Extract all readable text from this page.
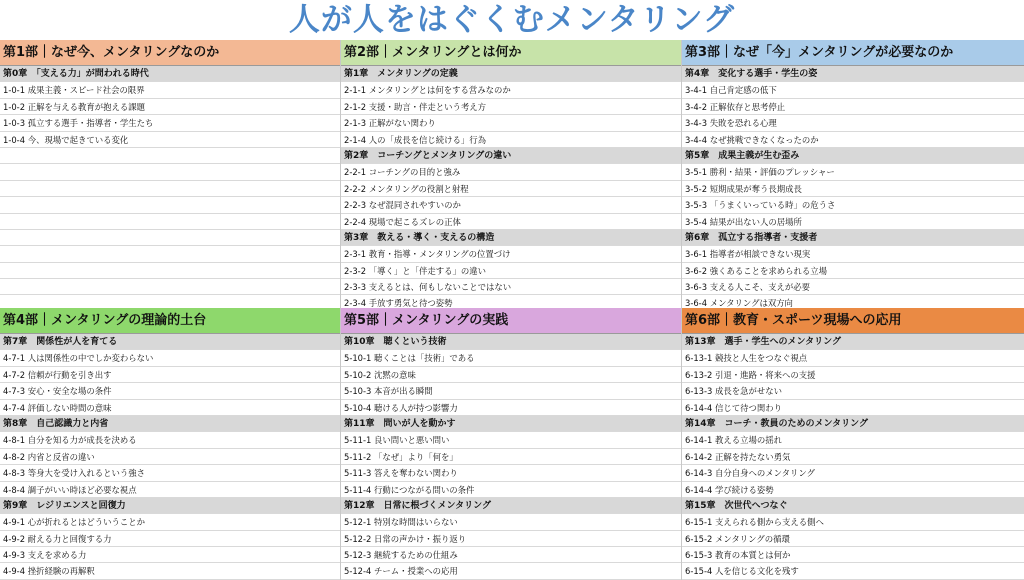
人が人をはぐくむメンタリング
第1部｜なぜ今、メンタリングなのか
第0章　「支える力」が問われる時代
1-0-1 成果主義・スピード社会の限界
1-0-2 正解を与える教育が抱える課題
1-0-3 孤立する選手・指導者・学生たち
1-0-4 今、現場で起きている変化
第2部｜メンタリングとは何か
第1章　メンタリングの定義
2-1-1 メンタリングとは何をする営みなのか
2-1-2 支援・助言・伴走という考え方
2-1-3 正解がない関わり
2-1-4 人の「成長を信じ続ける」行為
第2章　コーチングとメンタリングの違い
2-2-1 コーチングの目的と強み
2-2-2 メンタリングの役割と射程
2-2-3 なぜ混同されやすいのか
2-2-4 現場で起こるズレの正体
第3章　教える・導く・支えるの構造
2-3-1 教育・指導・メンタリングの位置づけ
2-3-2 「導く」と「伴走する」の違い
2-3-3 支えるとは、何もしないことではない
2-3-4 手放す勇気と待つ姿勢
第3部｜なぜ「今」メンタリングが必要なのか
第4章　変化する選手・学生の姿
3-4-1 自己肯定感の低下
3-4-2 正解依存と思考停止
3-4-3 失敗を恐れる心理
3-4-4 なぜ挑戦できなくなったのか
第5章　成果主義が生む歪み
3-5-1 勝利・結果・評価のプレッシャー
3-5-2 短期成果が奪う長期成長
3-5-3 「うまくいっている時」の危うさ
3-5-4 結果が出ない人の居場所
第6章　孤立する指導者・支援者
3-6-1 指導者が相談できない現実
3-6-2 強くあることを求められる立場
3-6-3 支える人こそ、支えが必要
3-6-4 メンタリングは双方向
第4部｜メンタリングの理論的土台
第7章　関係性が人を育てる
4-7-1 人は関係性の中でしか変わらない
4-7-2 信頼が行動を引き出す
4-7-3 安心・安全な場の条件
4-7-4 評価しない時間の意味
第8章　自己認識力と内省
4-8-1 自分を知る力が成長を決める
4-8-2 内省と反省の違い
4-8-3 等身大を受け入れるという強さ
4-8-4 調子がいい時ほど必要な視点
第9章　レジリエンスと回復力
4-9-1 心が折れるとはどういうことか
4-9-2 耐える力と回復する力
4-9-3 支えを求める力
4-9-4 挫折経験の再解釈
第5部｜メンタリングの実践
第10章　聴くという技術
5-10-1 聴くことは「技術」である
5-10-2 沈黙の意味
5-10-3 本音が出る瞬間
5-10-4 聴ける人が持つ影響力
第11章　問いが人を動かす
5-11-1 良い問いと悪い問い
5-11-2 「なぜ」より「何を」
5-11-3 答えを奪わない関わり
5-11-4 行動につながる問いの条件
第12章　日常に根づくメンタリング
5-12-1 特別な時間はいらない
5-12-2 日常の声かけ・振り返り
5-12-3 継続するための仕組み
5-12-4 チーム・授業への応用
第6部｜教育・スポーツ現場への応用
第13章　選手・学生へのメンタリング
6-13-1 競技と人生をつなぐ視点
6-13-2 引退・進路・将来への支援
6-13-3 成長を急がせない
6-14-4 信じて待つ関わり
第14章　コーチ・教員のためのメンタリング
6-14-1 教える立場の揺れ
6-14-2 正解を持たない勇気
6-14-3 自分自身へのメンタリング
6-14-4 学び続ける姿勢
第15章　次世代へつなぐ
6-15-1 支えられる側から支える側へ
6-15-2 メンタリングの循環
6-15-3 教育の本質とは何か
6-15-4 人を信じる文化を残す
